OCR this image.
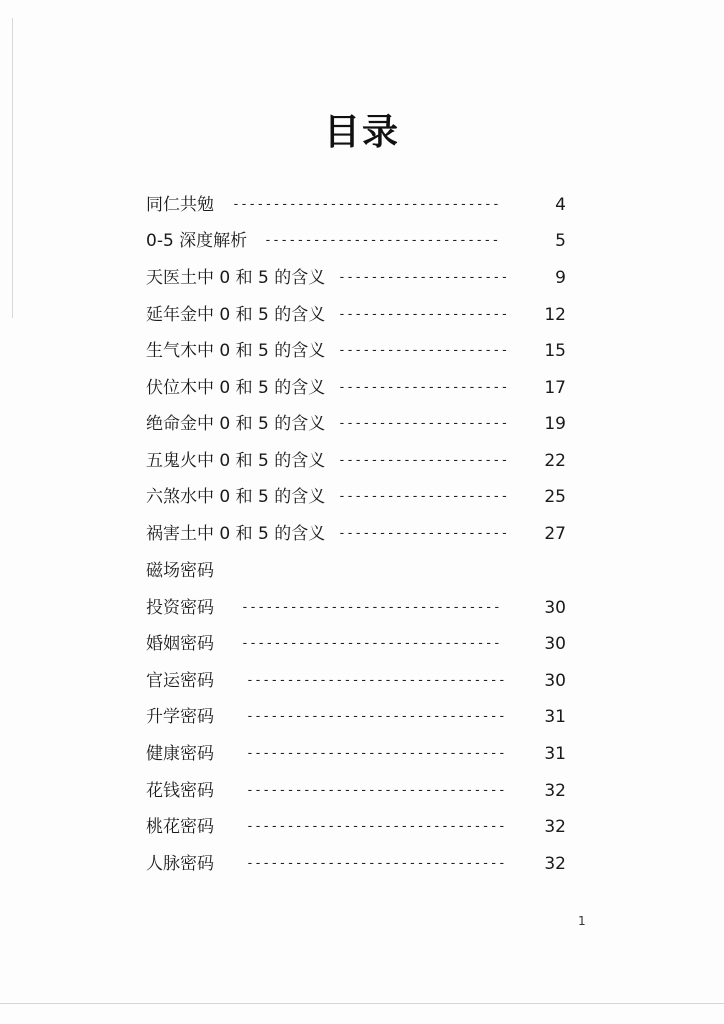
目录
同仁共勉 ---------------------------------	4
0-5 深度解析 -----------------------------	5
天医土中 0 和 5 的含义 ---------------------	9
延年金中 0 和 5 的含义 ---------------------	12
生气木中 0 和 5 的含义 ---------------------	15
伏位木中 0 和 5 的含义 ---------------------	17
绝命金中 0 和 5 的含义 ---------------------	19
五鬼火中 0 和 5 的含义 ---------------------	22
六煞水中 0 和 5 的含义 ---------------------	25
祸害土中 0 和 5 的含义 ---------------------	27
磁场密码
投资密码 --------------------------------	30
婚姻密码 --------------------------------	30
官运密码 --------------------------------	30
升学密码 --------------------------------	31
健康密码 --------------------------------	31
花钱密码 --------------------------------	32
桃花密码 --------------------------------	32
人脉密码 --------------------------------	32
1
